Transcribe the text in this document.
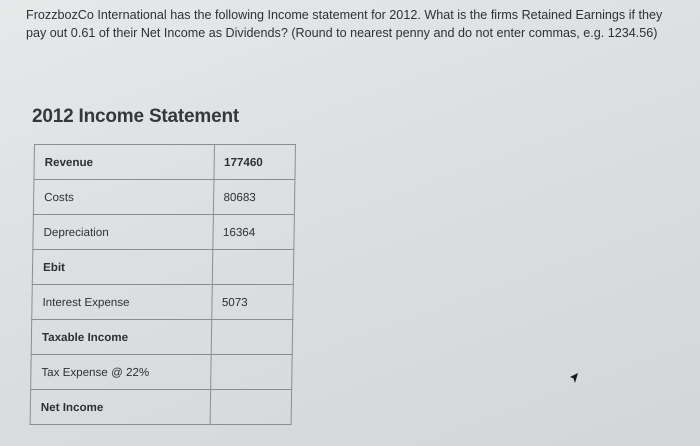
FrozzbozCo International has the following Income statement for 2012. What is the firms Retained Earnings if they pay out 0.61 of their Net Income as Dividends? (Round to nearest penny and do not enter commas, e.g. 1234.56)

2012 Income Statement
Revenue	177460
Costs	80683
Depreciation	16364
Ebit	
Interest Expense	5073
Taxable Income	
Tax Expense @ 22%	
Net Income	
